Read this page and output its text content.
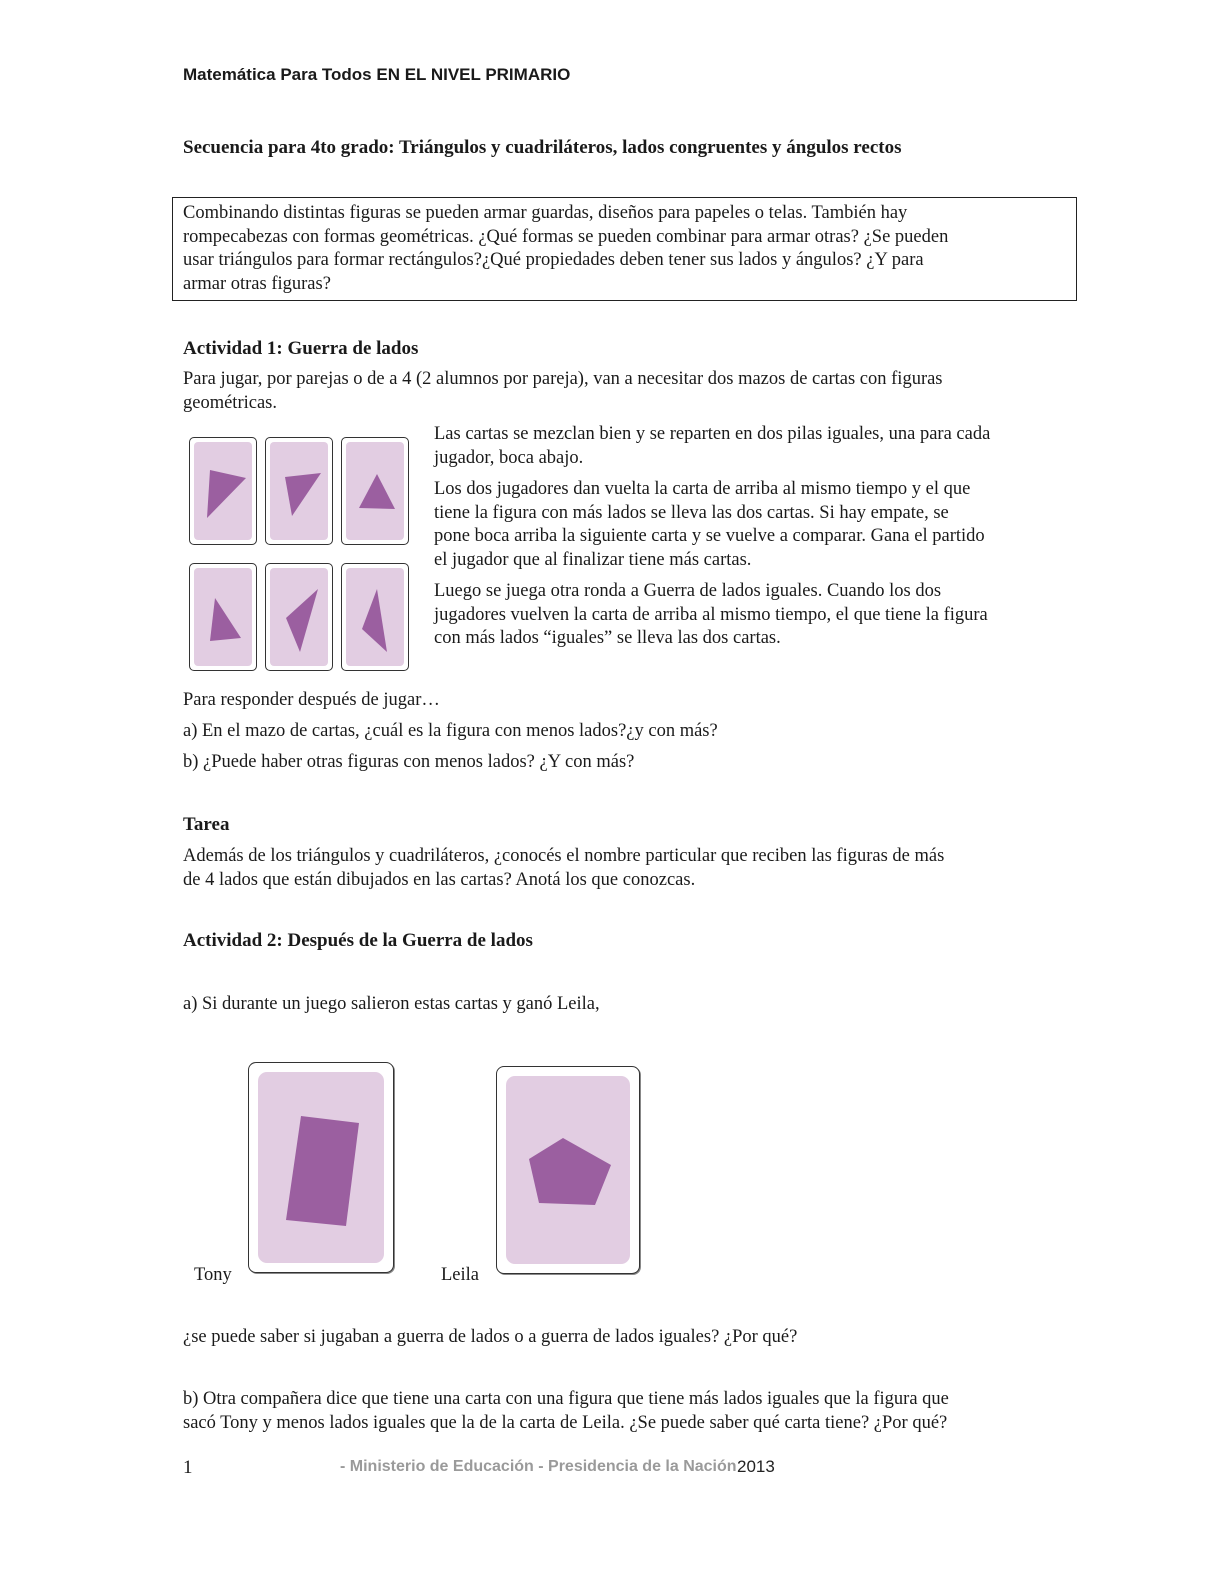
Matemática Para Todos EN EL NIVEL PRIMARIO
Secuencia para 4to grado: Triángulos y cuadriláteros, lados congruentes y ángulos rectos
Combinando distintas figuras se pueden armar guardas, diseños para papeles o telas. También hay
rompecabezas con formas geométricas. ¿Qué formas se pueden combinar para armar otras? ¿Se pueden
usar triángulos para formar rectángulos?¿Qué propiedades deben tener sus lados y ángulos? ¿Y para
armar otras figuras?
Actividad 1: Guerra de lados
Para jugar, por parejas o de a 4 (2 alumnos por pareja), van a necesitar dos mazos de cartas con figuras
geométricas.
Las cartas se mezclan bien y se reparten en dos pilas iguales, una para cada
jugador, boca abajo.
Los dos jugadores dan vuelta la carta de arriba al mismo tiempo y el que
tiene la figura con más lados se lleva las dos cartas. Si hay empate, se
pone boca arriba la siguiente carta y se vuelve a comparar. Gana el partido
el jugador que al finalizar tiene más cartas.
Luego se juega otra ronda a Guerra de lados iguales. Cuando los dos
jugadores vuelven la carta de arriba al mismo tiempo, el que tiene la figura
con más lados “iguales” se lleva las dos cartas.
Para responder después de jugar…
a) En el mazo de cartas, ¿cuál es la figura con menos lados?¿y con más?
b) ¿Puede haber otras figuras con menos lados? ¿Y con más?
Tarea
Además de los triángulos y cuadriláteros, ¿conocés el nombre particular que reciben las figuras de más
de 4 lados que están dibujados en las cartas? Anotá los que conozcas.
Actividad 2: Después de la Guerra de lados
a) Si durante un juego salieron estas cartas y ganó Leila,
Tony	Leila
¿se puede saber si jugaban a guerra de lados o a guerra de lados iguales? ¿Por qué?
b) Otra compañera dice que tiene una carta con una figura que tiene más lados iguales que la figura que
sacó Tony y menos lados iguales que la de la carta de Leila. ¿Se puede saber qué carta tiene? ¿Por qué?
1	- Ministerio de Educación - Presidencia de la Nación 2013
